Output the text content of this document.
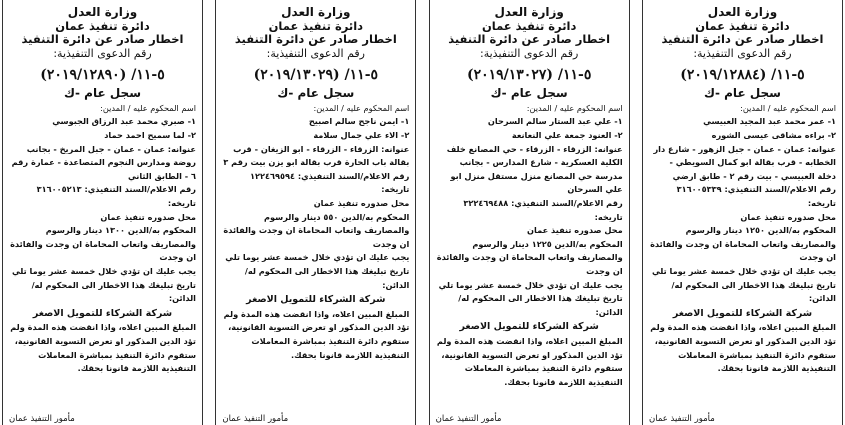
وزارة العدل
دائرة تنفيذ عمان
اخطار صادر عن دائرة التنفيذ
رقم الدعوى التنفيذية:
٥-١١/ (٢٠١٩/١٢٨٩٠)
سجل عام -ك

اسم المحكوم عليه / المدين:

١- صبري محمد عبد الرزاق الجبوسي

٢- لما سميح احمد حماد

عنوانه: عمان - عمان - جبل المريخ - بجانب روضة ومدارس النجوم المتصاعدة - عمارة رقم ٦ - الطابق الثاني

رقم الاعلام/السند التنفيذي: ٣١٦٠٠٥٢١٣ تاريخه:

محل صدوره تنفيذ عمان

المحكوم به/الدين ١٣٠٠ دينار والرسوم والمصاريف واتعاب المحاماة ان وجدت والفائدة ان وجدت

يجب عليك ان تؤدي خلال خمسة عشر يوما تلي تاريخ تبليغك هذا الاخطار الى المحكوم له/الدائن:

شركة الشركاء للتمويل الاصغر

المبلغ المبين اعلاه، واذا انقضت هذه المدة ولم تؤد الدين المذكور او تعرض التسوية القانونية، ستقوم دائرة التنفيذ بمباشرة المعاملات التنفيذية اللازمة قانونا بحقك.

مأمور التنفيذ عمان
وزارة العدل
دائرة تنفيذ عمان
اخطار صادر عن دائرة التنفيذ
رقم الدعوى التنفيذية:
٥-١١/ (٢٠١٩/١٣٠٢٩)
سجل عام -ك

اسم المحكوم عليه / المدين:

١- ايمن ناجح سالم اصبيح

٢- الاء علي جمال سلامة

عنوانه: الزرقاء - الزرقاء - ابو الزيغان - قرب بقالة باب الحارة قرب بقالة ابو يزن بيت رقم ٣

رقم الاعلام/السند التنفيذي: ١٢٢٤٦٩٥٩٤ تاريخه:

محل صدوره تنفيذ عمان

المحكوم به/الدين ٥٥٠ دينار والرسوم والمصاريف واتعاب المحاماة ان وجدت والفائدة ان وجدت

يجب عليك ان تؤدي خلال خمسة عشر يوما تلي تاريخ تبليغك هذا الاخطار الى المحكوم له/الدائن:

شركة الشركاء للتمويل الاصغر

المبلغ المبين اعلاه، واذا انقضت هذه المدة ولم تؤد الدين المذكور او تعرض التسوية القانونية، ستقوم دائرة التنفيذ بمباشرة المعاملات التنفيذية اللازمة قانونا بحقك.

مأمور التنفيذ عمان
وزارة العدل
دائرة تنفيذ عمان
اخطار صادر عن دائرة التنفيذ
رقم الدعوى التنفيذية:
٥-١١/ (٢٠١٩/١٣٠٢٧)
سجل عام -ك

اسم المحكوم عليه / المدين:

١- علي عبد الستار سالم السرحان

٢- العنود جمعة علي النعانعة

عنوانه: الزرقاء - الزرقاء - حي المصانع خلف الكلية العسكرية - شارع المدارس - بجانب مدرسة حي المصانع منزل مستقل منزل ابو علي السرحان

رقم الاعلام/السند التنفيذي: ٣٢٢٤٦٩٤٨٨ تاريخه:

محل صدوره تنفيذ عمان

المحكوم به/الدين ١٢٢٥ دينار والرسوم والمصاريف واتعاب المحاماة ان وجدت والفائدة ان وجدت

يجب عليك ان تؤدي خلال خمسة عشر يوما تلي تاريخ تبليغك هذا الاخطار الى المحكوم له/الدائن:

شركة الشركاء للتمويل الاصغر

المبلغ المبين اعلاه، واذا انقضت هذه المدة ولم تؤد الدين المذكور او تعرض التسوية القانونية، ستقوم دائرة التنفيذ بمباشرة المعاملات التنفيذية اللازمة قانونا بحقك.

مأمور التنفيذ عمان
وزارة العدل
دائرة تنفيذ عمان
اخطار صادر عن دائرة التنفيذ
رقم الدعوى التنفيذية:
٥-١١/ (٢٠١٩/١٢٨٨٤)
سجل عام -ك

اسم المحكوم عليه / المدين:

١- عمر محمد عبد المجيد العبيسي

٢- براءه مشاقى عيسى الشوره

عنوانه: عمان - عمان - جبل الزهور - شارع دار الخطابه - قرب بقالة ابو كمال السويطي - دخلة العبيسي - بيت رقم ٢ - طابق ارضي

رقم الاعلام/السند التنفيذي: ٣١٦٠٠٥٣٣٩ تاريخه:

محل صدوره تنفيذ عمان

المحكوم به/الدين ١٢٥٠ دينار والرسوم والمصاريف واتعاب المحاماة ان وجدت والفائدة ان وجدت

يجب عليك ان تؤدي خلال خمسة عشر يوما تلي تاريخ تبليغك هذا الاخطار الى المحكوم له/الدائن:

شركة الشركاء للتمويل الاصغر

المبلغ المبين اعلاه، واذا انقضت هذه المدة ولم تؤد الدين المذكور او تعرض التسوية القانونية، ستقوم دائرة التنفيذ بمباشرة المعاملات التنفيذية اللازمة قانونا بحقك.

مأمور التنفيذ عمان
